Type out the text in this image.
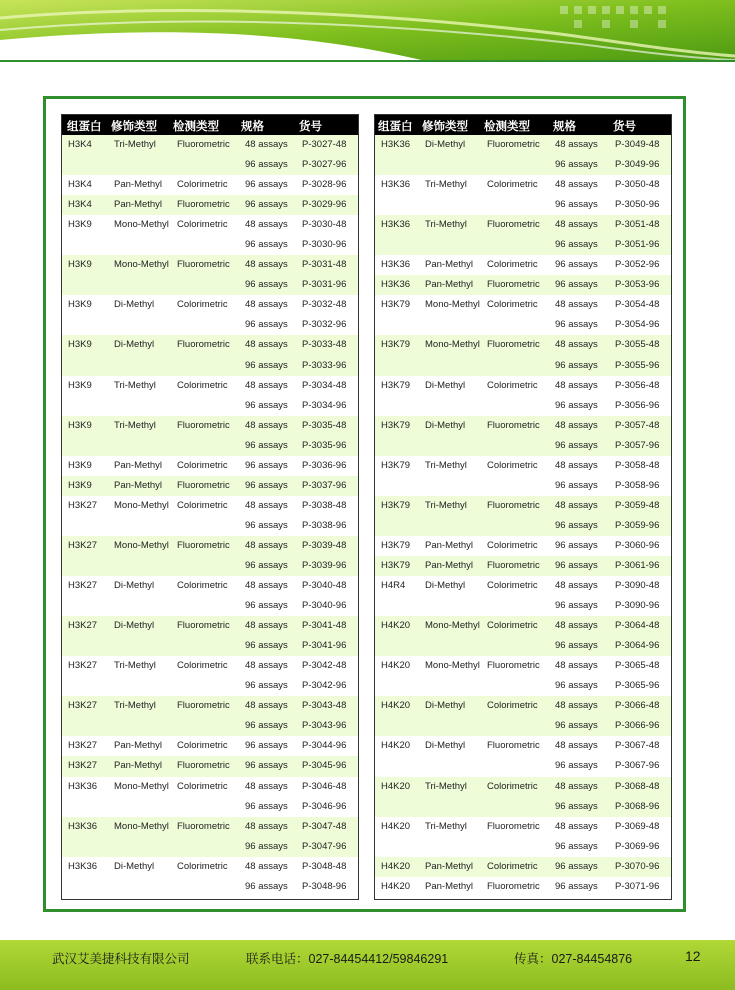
组蛋白 修饰类型 检测类型 规格	货号
H3K4 Tri-Methyl Fluorometric 48 assays P-3027-48
96 assays P-3027-96
H3K4 Pan-Methyl Colorimetric 96 assays P-3028-96
H3K4 Pan-Methyl Fluorometric 96 assays P-3029-96
H3K9 Mono-Methyl Colorimetric 48 assays P-3030-48
96 assays P-3030-96
H3K9 Mono-Methyl Fluorometric 48 assays P-3031-48
96 assays P-3031-96
H3K9 Di-Methyl Colorimetric 48 assays P-3032-48
96 assays P-3032-96
H3K9 Di-Methyl Fluorometric 48 assays P-3033-48
96 assays P-3033-96
H3K9 Tri-Methyl Colorimetric 48 assays P-3034-48
96 assays P-3034-96
H3K9 Tri-Methyl Fluorometric 48 assays P-3035-48
96 assays P-3035-96
H3K9 Pan-Methyl Colorimetric 96 assays P-3036-96
H3K9 Pan-Methyl Fluorometric 96 assays P-3037-96
H3K27 Mono-Methyl Colorimetric 48 assays P-3038-48
96 assays P-3038-96
H3K27 Mono-Methyl Fluorometric 48 assays P-3039-48
96 assays P-3039-96
H3K27 Di-Methyl Colorimetric 48 assays P-3040-48
96 assays P-3040-96
H3K27 Di-Methyl Fluorometric 48 assays P-3041-48
96 assays P-3041-96
H3K27 Tri-Methyl Colorimetric 48 assays P-3042-48
96 assays P-3042-96
H3K27 Tri-Methyl Fluorometric 48 assays P-3043-48
96 assays P-3043-96
H3K27 Pan-Methyl Colorimetric 96 assays P-3044-96
H3K27 Pan-Methyl Fluorometric 96 assays P-3045-96
H3K36 Mono-Methyl Colorimetric 48 assays P-3046-48
96 assays P-3046-96
H3K36 Mono-Methyl Fluorometric 48 assays P-3047-48
96 assays P-3047-96
H3K36 Di-Methyl Colorimetric 48 assays P-3048-48
96 assays P-3048-96
组蛋白 修饰类型 检测类型 规格	货号
H3K36 Di-Methyl Fluorometric 48 assays P-3049-48
96 assays P-3049-96
H3K36 Tri-Methyl Colorimetric 48 assays P-3050-48
96 assays P-3050-96
H3K36 Tri-Methyl Fluorometric 48 assays P-3051-48
96 assays P-3051-96
H3K36 Pan-Methyl Colorimetric 96 assays P-3052-96
H3K36 Pan-Methyl Fluorometric 96 assays P-3053-96
H3K79 Mono-Methyl Colorimetric 48 assays P-3054-48
96 assays P-3054-96
H3K79 Mono-Methyl Fluorometric 48 assays P-3055-48
96 assays P-3055-96
H3K79 Di-Methyl Colorimetric 48 assays P-3056-48
96 assays P-3056-96
H3K79 Di-Methyl Fluorometric 48 assays P-3057-48
96 assays P-3057-96
H3K79 Tri-Methyl Colorimetric 48 assays P-3058-48
96 assays P-3058-96
H3K79 Tri-Methyl Fluorometric 48 assays P-3059-48
96 assays P-3059-96
H3K79 Pan-Methyl Colorimetric 96 assays P-3060-96
H3K79 Pan-Methyl Fluorometric 96 assays P-3061-96
H4R4 Di-Methyl Colorimetric 48 assays P-3090-48
96 assays P-3090-96
H4K20 Mono-Methyl Colorimetric 48 assays P-3064-48
96 assays P-3064-96
H4K20 Mono-Methyl Fluorometric 48 assays P-3065-48
96 assays P-3065-96
H4K20 Di-Methyl Colorimetric 48 assays P-3066-48
96 assays P-3066-96
H4K20 Di-Methyl Fluorometric 48 assays P-3067-48
96 assays P-3067-96
H4K20 Tri-Methyl Colorimetric 48 assays P-3068-48
96 assays P-3068-96
H4K20 Tri-Methyl Fluorometric 48 assays P-3069-48
96 assays P-3069-96
H4K20 Pan-Methyl Colorimetric 96 assays P-3070-96
H4K20 Pan-Methyl Fluorometric 96 assays P-3071-96
武汉艾美捷科技有限公司	联系电话：027-84454412/59846291	传真：027-84454876	12
